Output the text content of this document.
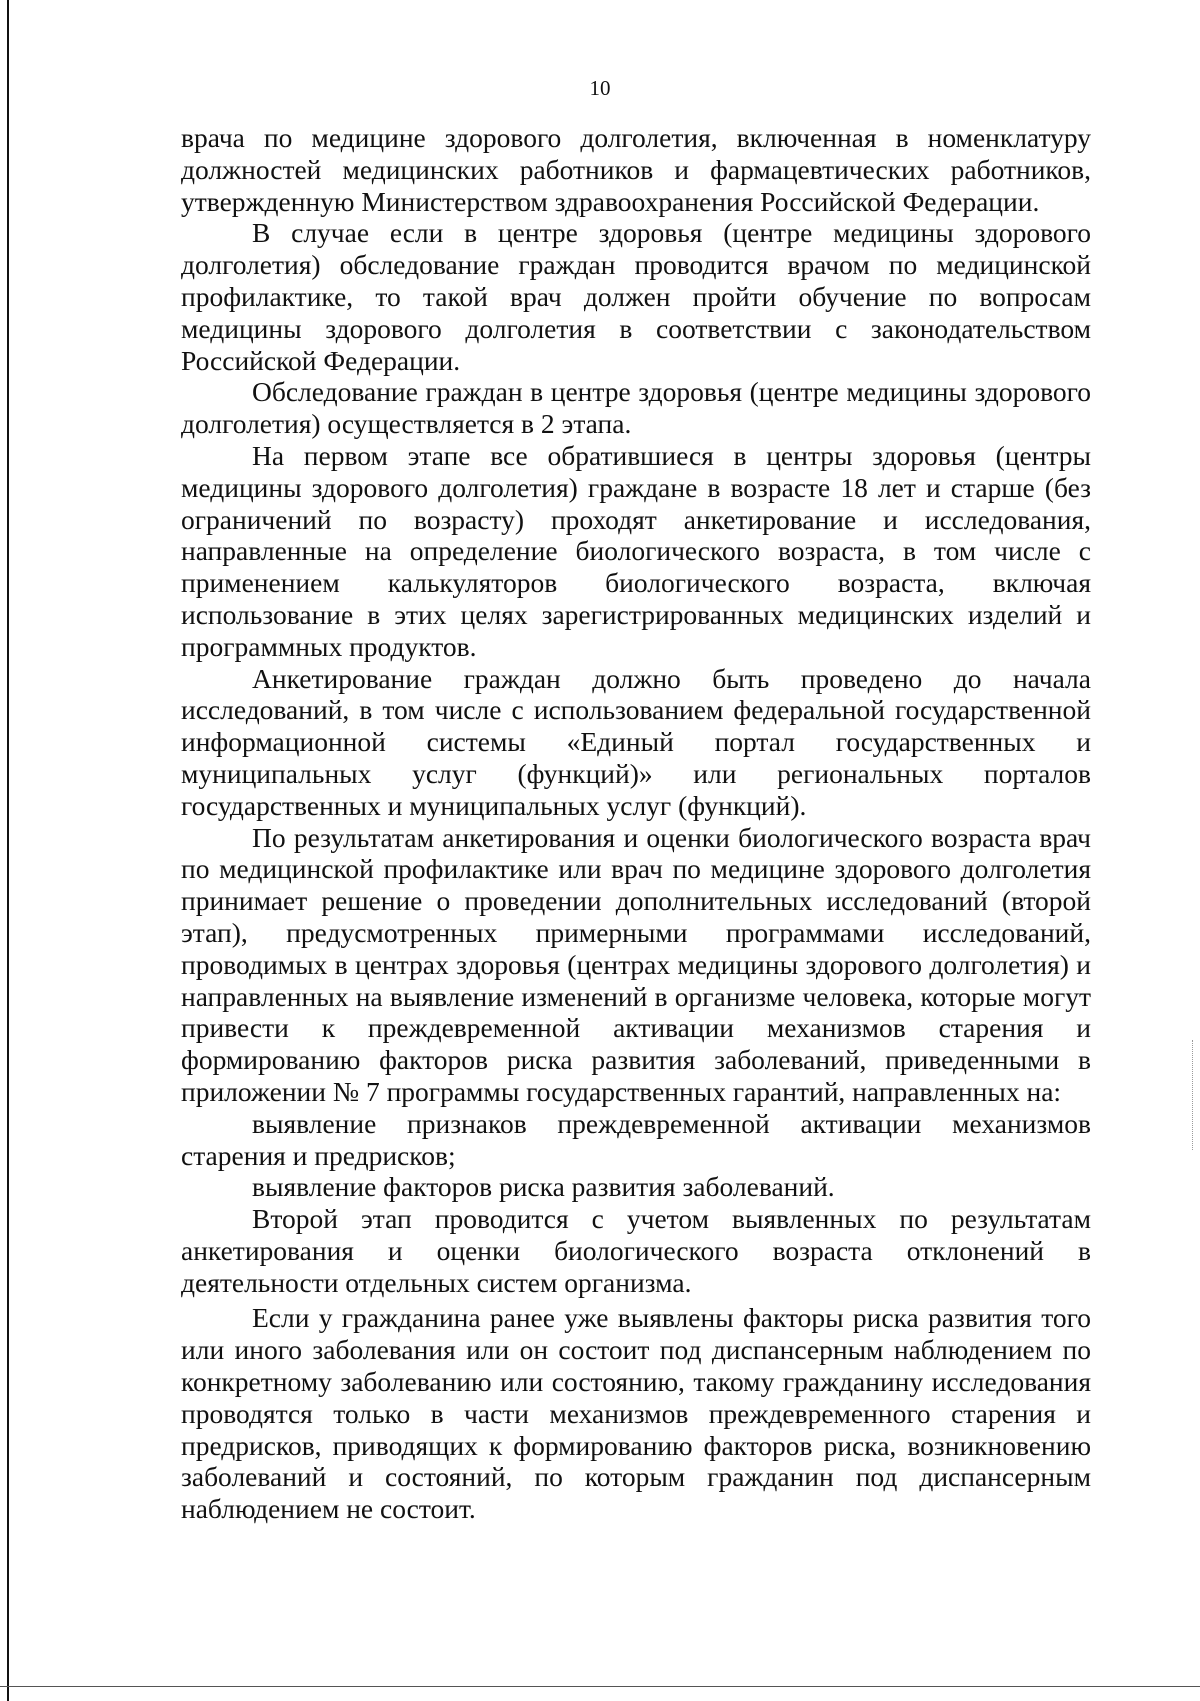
10

врача по медицине здорового долголетия, включенная в номенклатуру должностей медицинских работников и фармацевтических работников, утвержденную Министерством здравоохранения Российской Федерации.

В случае если в центре здоровья (центре медицины здорового долголетия) обследование граждан проводится врачом по медицинской профилактике, то такой врач должен пройти обучение по вопросам медицины здорового долголетия в соответствии с законодательством Российской Федерации.

Обследование граждан в центре здоровья (центре медицины здорового долголетия) осуществляется в 2 этапа.

На первом этапе все обратившиеся в центры здоровья (центры медицины здорового долголетия) граждане в возрасте 18 лет и старше (без ограничений по возрасту) проходят анкетирование и исследования, направленные на определение биологического возраста, в том числе с применением калькуляторов биологического возраста, включая использование в этих целях зарегистрированных медицинских изделий и программных продуктов.

Анкетирование граждан должно быть проведено до начала исследований, в том числе с использованием федеральной государственной информационной системы «Единый портал государственных и муниципальных услуг (функций)» или региональных порталов государственных и муниципальных услуг (функций).

По результатам анкетирования и оценки биологического возраста врач по медицинской профилактике или врач по медицине здорового долголетия принимает решение о проведении дополнительных исследований (второй этап), предусмотренных примерными программами исследований, проводимых в центрах здоровья (центрах медицины здорового долголетия) и направленных на выявление изменений в организме человека, которые могут привести к преждевременной активации механизмов старения и формированию факторов риска развития заболеваний, приведенными в приложении № 7 программы государственных гарантий, направленных на:

выявление признаков преждевременной активации механизмов старения и предрисков;

выявление факторов риска развития заболеваний.

Второй этап проводится с учетом выявленных по результатам анкетирования и оценки биологического возраста отклонений в деятельности отдельных систем организма.

Если у гражданина ранее уже выявлены факторы риска развития того или иного заболевания или он состоит под диспансерным наблюдением по конкретному заболеванию или состоянию, такому гражданину исследования проводятся только в части механизмов преждевременного старения и предрисков, приводящих к формированию факторов риска, возникновению заболеваний и состояний, по которым гражданин под диспансерным наблюдением не состоит.
